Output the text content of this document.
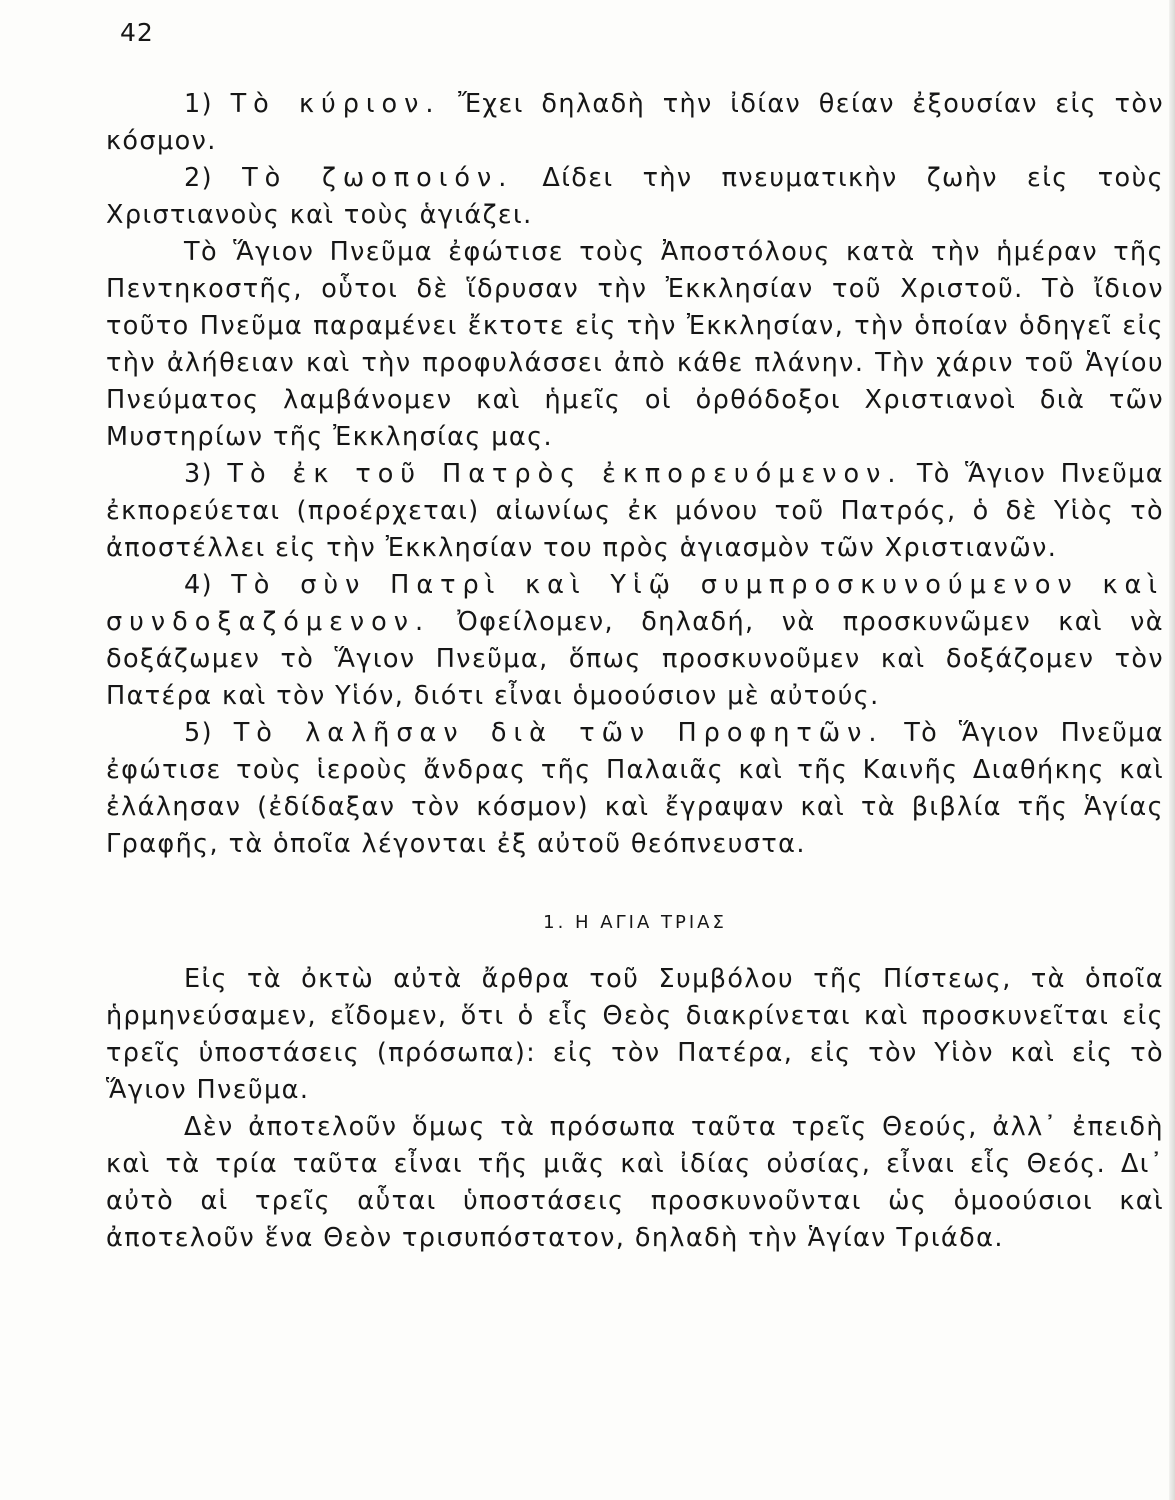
42

1) Τὸ κύριον. Ἔχει δηλαδὴ τὴν ἰδίαν θείαν ἐξουσίαν εἰς τὸν κόσμον.

2) Τὸ ζωοποιόν. Δίδει τὴν πνευματικὴν ζωὴν εἰς τοὺς Χριστιανοὺς καὶ τοὺς ἁγιάζει.

Τὸ Ἅγιον Πνεῦμα ἐφώτισε τοὺς Ἀποστόλους κατὰ τὴν ἡμέραν τῆς Πεντηκοστῆς, οὗτοι δὲ ἵδρυσαν τὴν Ἐκκλησίαν τοῦ Χριστοῦ. Τὸ ἴδιον τοῦτο Πνεῦμα παραμένει ἔκτοτε εἰς τὴν Ἐκκλησίαν, τὴν ὁποίαν ὁδηγεῖ εἰς τὴν ἀλήθειαν καὶ τὴν προφυλάσσει ἀπὸ κάθε πλάνην. Τὴν χάριν τοῦ Ἁγίου Πνεύματος λαμβάνομεν καὶ ἡμεῖς οἱ ὀρθόδοξοι Χριστιανοὶ διὰ τῶν Μυστηρίων τῆς Ἐκκλησίας μας.

3) Τὸ ἐκ τοῦ Πατρὸς ἐκπορευόμενον. Τὸ Ἅγιον Πνεῦμα ἐκπορεύεται (προέρχεται) αἰωνίως ἐκ μόνου τοῦ Πατρός, ὁ δὲ Υἱὸς τὸ ἀποστέλλει εἰς τὴν Ἐκκλησίαν του πρὸς ἁγιασμὸν τῶν Χριστιανῶν.

4) Τὸ σὺν Πατρὶ καὶ Υἱῷ συμπροσκυνούμενον καὶ συνδοξαζόμενον. Ὀφείλομεν, δηλαδή, νὰ προσκυνῶμεν καὶ νὰ δοξάζωμεν τὸ Ἅγιον Πνεῦμα, ὅπως προσκυνοῦμεν καὶ δοξάζομεν τὸν Πατέρα καὶ τὸν Υἱόν, διότι εἶναι ὁμοούσιον μὲ αὐτούς.

5) Τὸ λαλῆσαν διὰ τῶν Προφητῶν. Τὸ Ἅγιον Πνεῦμα ἐφώτισε τοὺς ἱεροὺς ἄνδρας τῆς Παλαιᾶς καὶ τῆς Καινῆς Διαθήκης καὶ ἐλάλησαν (ἐδίδαξαν τὸν κόσμον) καὶ ἔγραψαν καὶ τὰ βιβλία τῆς Ἁγίας Γραφῆς, τὰ ὁποῖα λέγονται ἐξ αὐτοῦ θεόπνευστα.

1. Η ΑΓΙΑ ΤΡΙΑΣ

Εἰς τὰ ὀκτὼ αὐτὰ ἄρθρα τοῦ Συμβόλου τῆς Πίστεως, τὰ ὁποῖα ἡρμηνεύσαμεν, εἴδομεν, ὅτι ὁ εἷς Θεὸς διακρίνεται καὶ προσκυνεῖται εἰς τρεῖς ὑποστάσεις (πρόσωπα): εἰς τὸν Πατέρα, εἰς τὸν Υἱὸν καὶ εἰς τὸ Ἅγιον Πνεῦμα.

Δὲν ἀποτελοῦν ὅμως τὰ πρόσωπα ταῦτα τρεῖς Θεούς, ἀλλ᾽ ἐπειδὴ καὶ τὰ τρία ταῦτα εἶναι τῆς μιᾶς καὶ ἰδίας οὐσίας, εἶναι εἷς Θεός. Δι᾽ αὐτὸ αἱ τρεῖς αὗται ὑποστάσεις προσκυνοῦνται ὡς ὁμοούσιοι καὶ ἀποτελοῦν ἕνα Θεὸν τρισυπόστατον, δηλαδὴ τὴν Ἁγίαν Τριάδα.
